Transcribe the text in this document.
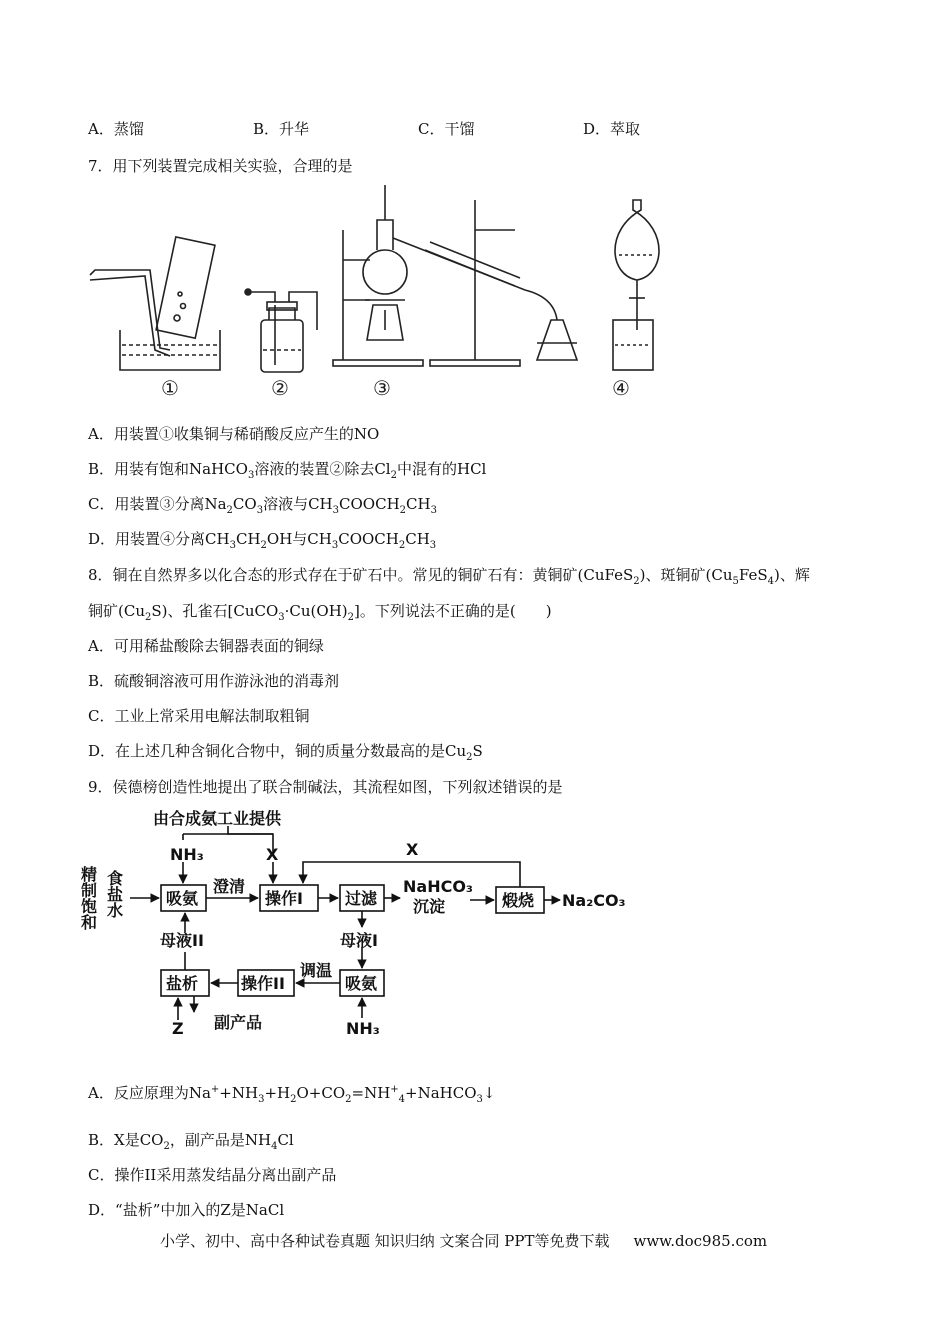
A．蒸馏	B．升华	C．干馏	D．萃取
7．用下列装置完成相关实验，合理的是
①	②	③	④
A．用装置①收集铜与稀硝酸反应产生的NO
B．用装有饱和NaHCO$_3$溶液的装置②除去$Cl_2$中混有的HCl
C．用装置③分离$Na_2CO_3$溶液与$CH_3COOCH_2CH_3$
D．用装置④分离$CH_3CH_2OH$与$CH_3COOCH_2CH_3$
8．铜在自然界多以化合态的形式存在于矿石中。常见的铜矿石有：黄铜矿(CuFeS$_2$)、斑铜矿$(Cu_5FeS_4)$、辉
铜矿$(Cu_2S)$、孔雀石$[CuCO_3\cdot Cu(OH)_2]$。下列说法不正确的是(　　)
A．可用稀盐酸除去铜器表面的铜绿
B．硫酸铜溶液可用作游泳池的消毒剂
C．工业上常采用电解法制取粗铜
D．在上述几种含铜化合物中，铜的质量分数最高的是$Cu_2S$
9．侯德榜创造性地提出了联合制碱法，其流程如图，下列叙述错误的是
由合成氨工业提供
NH₃	X	X
精制饱和 食盐水	吸氨
澄清
操作I	过滤
NaHCO₃
沉淀	煅烧 Na₂CO₃
母液II	母液I
盐析	操作II
调温
吸氨
NH₃
Z 副产品
A．反应原理为$Na^++NH_3+H_2O+CO_2=NH^+_4+NaHCO_3↓$
B．X是$CO_2$，副产品是$NH_4Cl$
C．操作II采用蒸发结晶分离出副产品
D．“盐析”中加入的Z是NaCl
小学、初中、高中各种试卷真题 知识归纳 文案合同 PPT等免费下载 www.doc985.com
